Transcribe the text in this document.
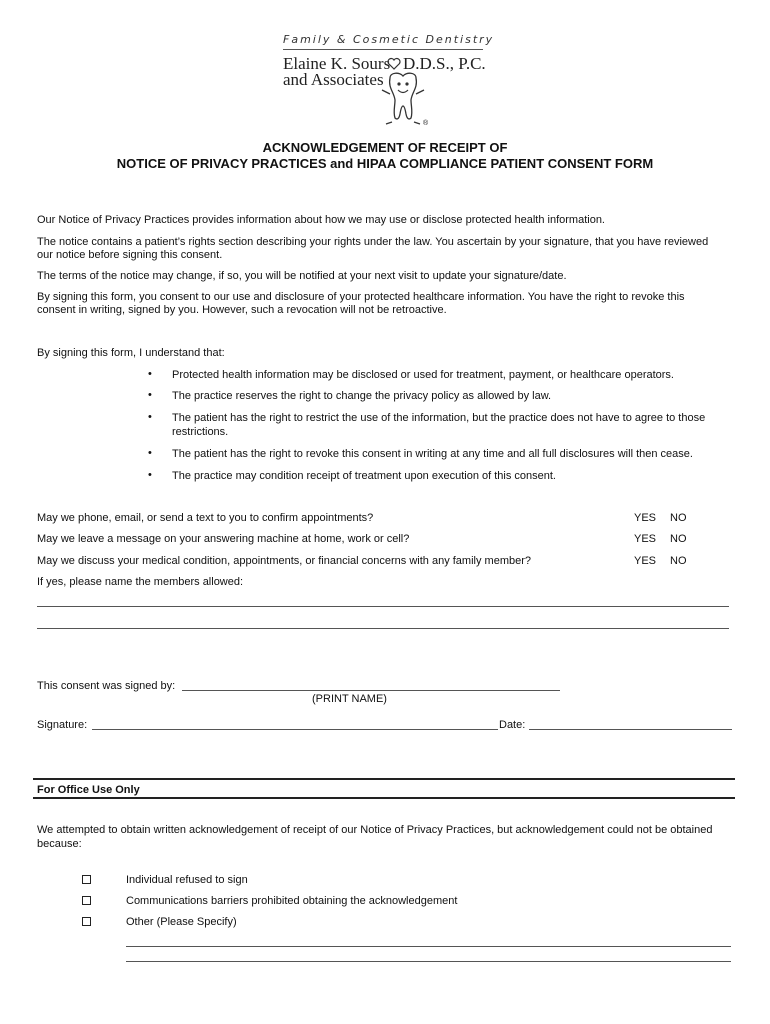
Family & Cosmetic Dentistry
Elaine K. Sours D.D.S., P.C.
and Associates
®
ACKNOWLEDGEMENT OF RECEIPT OF
NOTICE OF PRIVACY PRACTICES and HIPAA COMPLIANCE PATIENT CONSENT FORM
Our Notice of Privacy Practices provides information about how we may use or disclose protected health information.
The notice contains a patient’s rights section describing your rights under the law. You ascertain by your signature, that you have reviewed
our notice before signing this consent.
The terms of the notice may change, if so, you will be notified at your next visit to update your signature/date.
By signing this form, you consent to our use and disclosure of your protected healthcare information. You have the right to revoke this
consent in writing, signed by you. However, such a revocation will not be retroactive.
By signing this form, I understand that:
• Protected health information may be disclosed or used for treatment, payment, or healthcare operators.
• The practice reserves the right to change the privacy policy as allowed by law.
• The patient has the right to restrict the use of the information, but the practice does not have to agree to those
restrictions.
• The patient has the right to revoke this consent in writing at any time and all full disclosures will then cease.
• The practice may condition receipt of treatment upon execution of this consent.
May we phone, email, or send a text to you to confirm appointments?	YES NO
May we leave a message on your answering machine at home, work or cell?	YES NO
May we discuss your medical condition, appointments, or financial concerns with any family member?	YES NO
If yes, please name the members allowed:
This consent was signed by:
(PRINT NAME)
Signature:	Date:
For Office Use Only
We attempted to obtain written acknowledgement of receipt of our Notice of Privacy Practices, but acknowledgement could not be obtained
because:
Individual refused to sign
Communications barriers prohibited obtaining the acknowledgement
Other (Please Specify)
